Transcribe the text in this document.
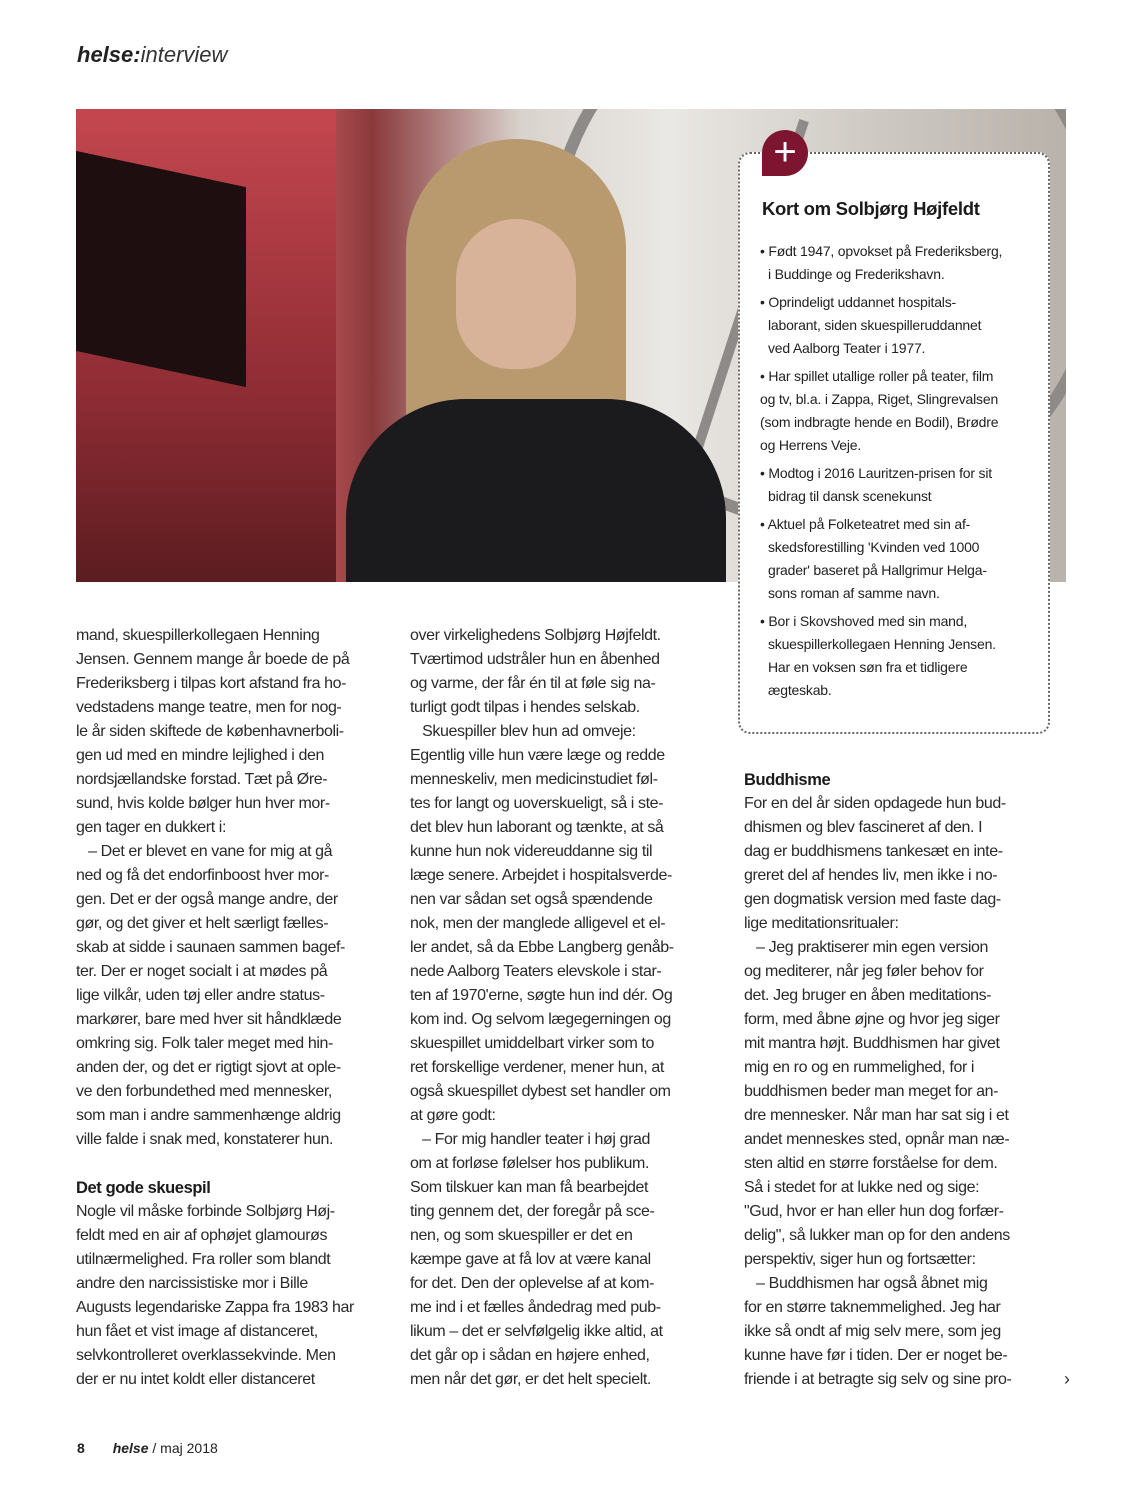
helse:interview
Kort om Solbjørg Højfeldt
• Født 1947, opvokset på Frederiksberg,
i Buddinge og Frederikshavn.
• Oprindeligt uddannet hospitals-
laborant, siden skuespilleruddannet
ved Aalborg Teater i 1977.
• Har spillet utallige roller på teater, film
og tv, bl.a. i Zappa, Riget, Slingrevalsen
(som indbragte hende en Bodil), Brødre
og Herrens Veje.
• Modtog i 2016 Lauritzen-prisen for sit
bidrag til dansk scenekunst
• Aktuel på Folketeatret med sin af-
skedsforestilling 'Kvinden ved 1000
grader' baseret på Hallgrimur Helga-
sons roman af samme navn.
• Bor i Skovshoved med sin mand,
skuespillerkollegaen Henning Jensen.
Har en voksen søn fra et tidligere
ægteskab.
+
mand, skuespillerkollegaen Henning
Jensen. Gennem mange år boede de på
Frederiksberg i tilpas kort afstand fra ho-
vedstadens mange teatre, men for nog-
le år siden skiftede de københavnerboli-
gen ud med en mindre lejlighed i den
nordsjællandske forstad. Tæt på Øre-
sund, hvis kolde bølger hun hver mor-
gen tager en dukkert i:
– Det er blevet en vane for mig at gå
ned og få det endorfinboost hver mor-
gen. Det er der også mange andre, der
gør, og det giver et helt særligt fælles-
skab at sidde i saunaen sammen bagef-
ter. Der er noget socialt i at mødes på
lige vilkår, uden tøj eller andre status-
markører, bare med hver sit håndklæde
omkring sig. Folk taler meget med hin-
anden der, og det er rigtigt sjovt at ople-
ve den forbundethed med mennesker,
som man i andre sammenhænge aldrig
ville falde i snak med, konstaterer hun.
Det gode skuespil
Nogle vil måske forbinde Solbjørg Høj-
feldt med en air af ophøjet glamourøs
utilnærmelighed. Fra roller som blandt
andre den narcissistiske mor i Bille
Augusts legendariske Zappa fra 1983 har
hun fået et vist image af distanceret,
selvkontrolleret overklassekvinde. Men
der er nu intet koldt eller distanceret
over virkelighedens Solbjørg Højfeldt.
Tværtimod udstråler hun en åbenhed
og varme, der får én til at føle sig na-
turligt godt tilpas i hendes selskab.
Skuespiller blev hun ad omveje:
Egentlig ville hun være læge og redde
menneskeliv, men medicinstudiet føl-
tes for langt og uoverskueligt, så i ste-
det blev hun laborant og tænkte, at så
kunne hun nok videreuddanne sig til
læge senere. Arbejdet i hospitalsverde-
nen var sådan set også spændende
nok, men der manglede alligevel et el-
ler andet, så da Ebbe Langberg genåb-
nede Aalborg Teaters elevskole i star-
ten af 1970'erne, søgte hun ind dér. Og
kom ind. Og selvom lægegerningen og
skuespillet umiddelbart virker som to
ret forskellige verdener, mener hun, at
også skuespillet dybest set handler om
at gøre godt:
– For mig handler teater i høj grad
om at forløse følelser hos publikum.
Som tilskuer kan man få bearbejdet
ting gennem det, der foregår på sce-
nen, og som skuespiller er det en
kæmpe gave at få lov at være kanal
for det. Den der oplevelse af at kom-
me ind i et fælles åndedrag med pub-
likum – det er selvfølgelig ikke altid, at
det går op i sådan en højere enhed,
men når det gør, er det helt specielt.
Buddhisme
For en del år siden opdagede hun bud-
dhismen og blev fascineret af den. I
dag er buddhismens tankesæt en inte-
greret del af hendes liv, men ikke i no-
gen dogmatisk version med faste dag-
lige meditationsritualer:
– Jeg praktiserer min egen version
og mediterer, når jeg føler behov for
det. Jeg bruger en åben meditations-
form, med åbne øjne og hvor jeg siger
mit mantra højt. Buddhismen har givet
mig en ro og en rummelighed, for i
buddhismen beder man meget for an-
dre mennesker. Når man har sat sig i et
andet menneskes sted, opnår man næ-
sten altid en større forståelse for dem.
Så i stedet for at lukke ned og sige:
"Gud, hvor er han eller hun dog forfær-
delig", så lukker man op for den andens
perspektiv, siger hun og fortsætter:
– Buddhismen har også åbnet mig
for en større taknemmelighed. Jeg har
ikke så ondt af mig selv mere, som jeg
kunne have før i tiden. Der er noget be-
friende i at betragte sig selv og sine pro-	›
8 helse / maj 2018
